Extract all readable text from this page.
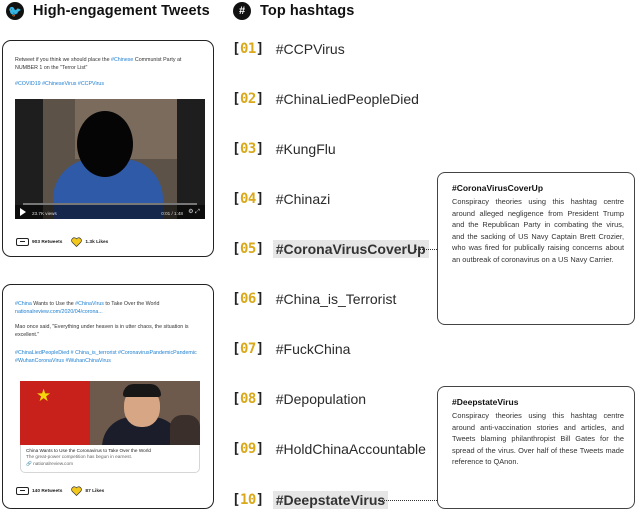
🐦 High-engagement Tweets	#	Top hashtags
Retweet if you think we should place the #Chinese Communist Party at NUMBER 1 on the "Terror List"
#COVID19 #ChineseVirus #CCPVirus
23.7K views	0:01 / 1:48 ⚙ ⤢
903 Retweets	1.3k Likes
#China Wants to Use the #ChinaVirus to Take Over the World
nationalreview.com/2020/04/corona...
Mao once said, "Everything under heaven is in utter chaos, the situation is excellent."
#ChinaLiedPeopleDied # China_is_terrorist #CoronavirusPandemicPandemic #WuhanCoronaVirus #WuhanChinaVirus
★
China Wants to Use the Coronavirus to Take Over the World
The great-power competition has begun in earnest.
🔗 nationalreview.com
140 Retweets	87 Likes
[01] #CCPVirus
[02] #ChinaLiedPeopleDied
[03] #KungFlu
[04] #Chinazi
[05] #CoronaVirusCoverUp
[06] #China_is_Terrorist
[07] #FuckChina
[08] #Depopulation
[09] #HoldChinaAccountable
[10] #DeepstateVirus
#CoronaVirusCoverUp
Conspiracy theories using this hashtag centre around alleged negligence from President Trump and the Republican Party in combating the virus, and the sacking of US Navy Captain Brett Crozier, who was fired for publically raising concerns about an outbreak of coronavirus on a US Navy Carrier.
#DeepstateVirus
Conspiracy theories using this hashtag centre around anti-vaccination stories and articles, and Tweets blaming philanthropist Bill Gates for the spread of the virus. Over half of these Tweets made reference to QAnon.
